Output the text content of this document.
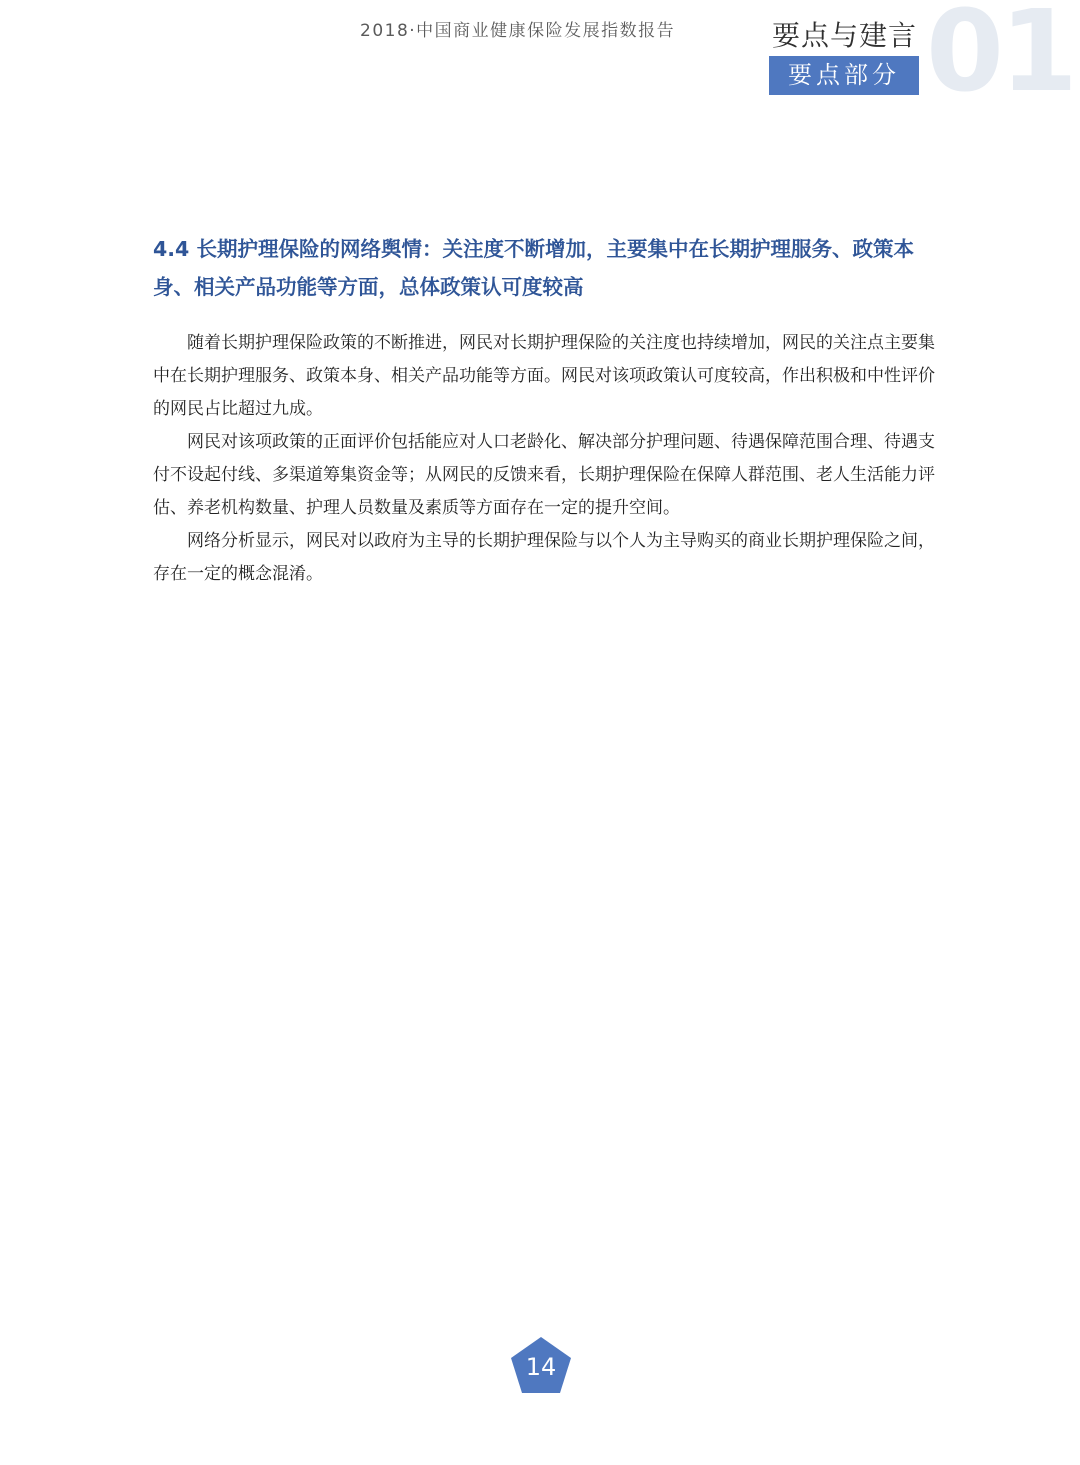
01
2018·中国商业健康保险发展指数报告	要点与建言
要点部分
4.4 长期护理保险的网络舆情：关注度不断增加，主要集中在长期护理服务、政策本身、相关产品功能等方面，总体政策认可度较高

随着长期护理保险政策的不断推进，网民对长期护理保险的关注度也持续增加，网民的关注点主要集中在长期护理服务、政策本身、相关产品功能等方面。网民对该项政策认可度较高，作出积极和中性评价的网民占比超过九成。

网民对该项政策的正面评价包括能应对人口老龄化、解决部分护理问题、待遇保障范围合理、待遇支付不设起付线、多渠道筹集资金等；从网民的反馈来看，长期护理保险在保障人群范围、老人生活能力评估、养老机构数量、护理人员数量及素质等方面存在一定的提升空间。

网络分析显示，网民对以政府为主导的长期护理保险与以个人为主导购买的商业长期护理保险之间，存在一定的概念混淆。

14
